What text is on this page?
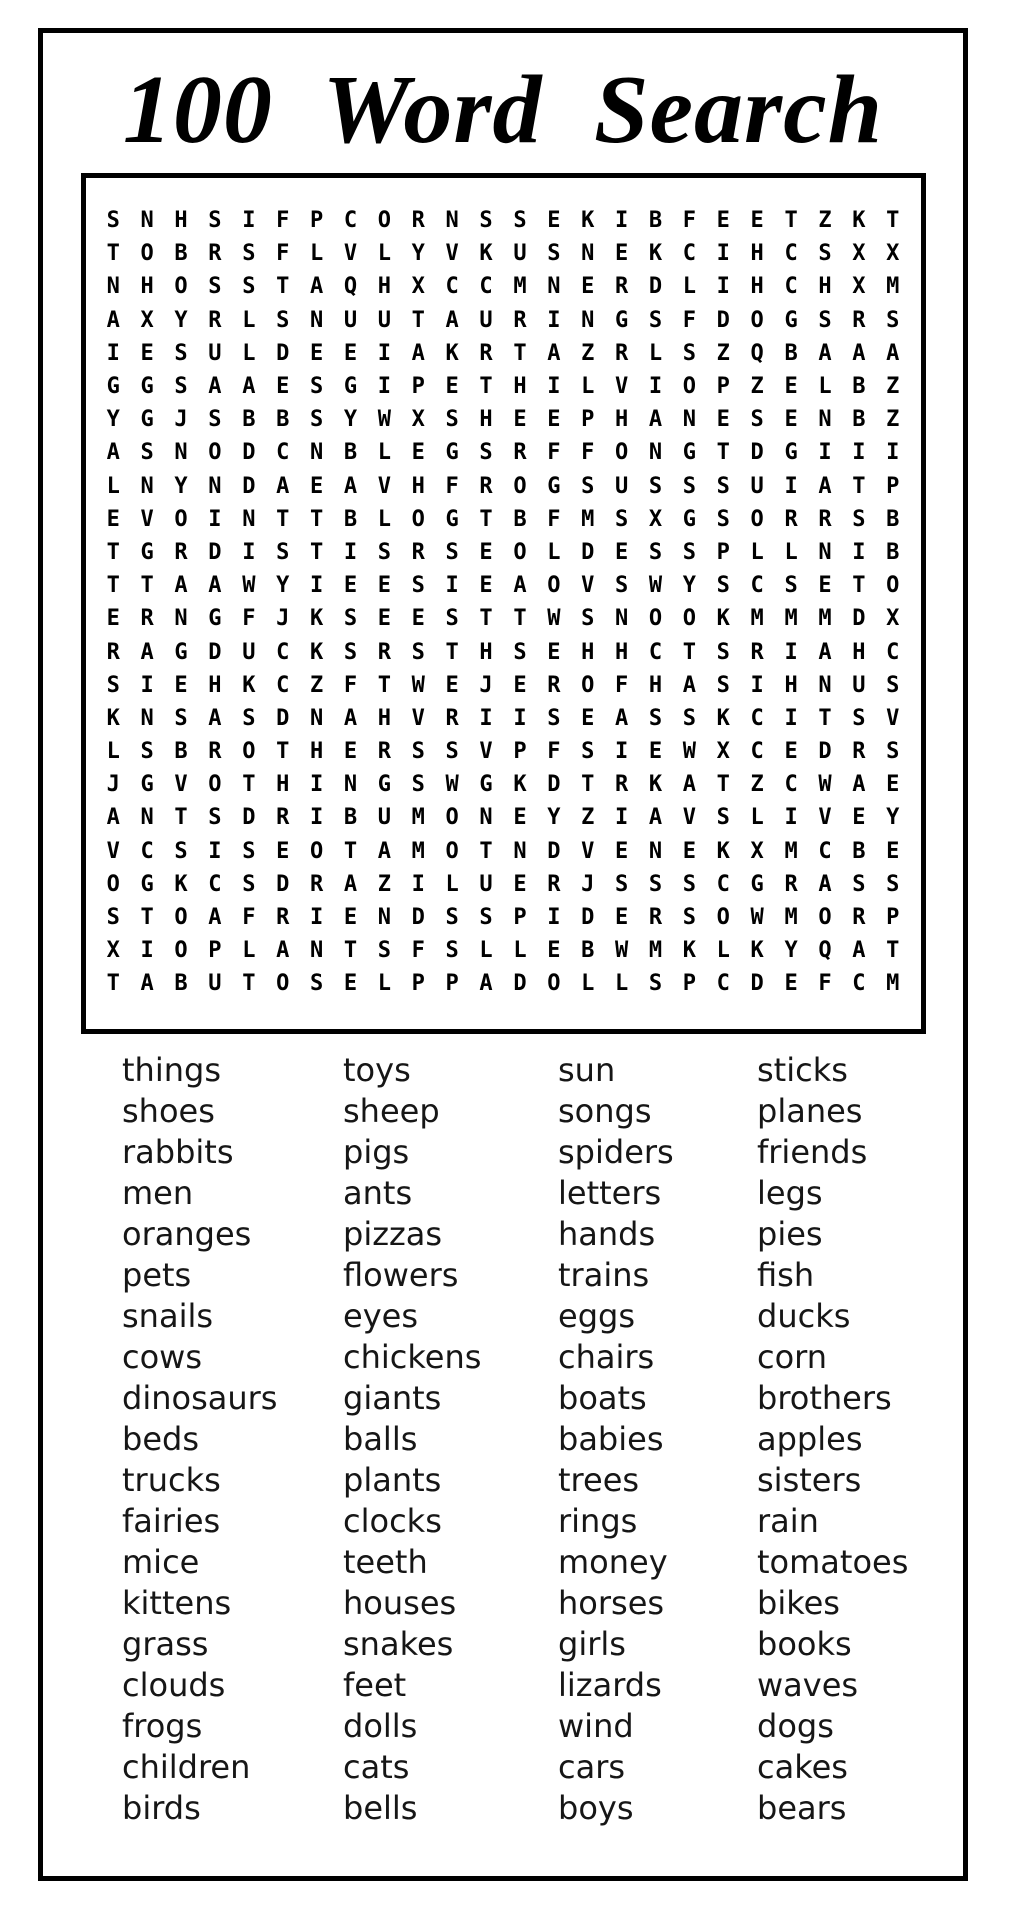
100 Word Search
S N H S I F P C O R N S S E K I B F E E T Z K T
T O B R S F L V L Y V K U S N E K C I H C S X X
N H O S S T A Q H X C C M N E R D L I H C H X M
A X Y R L S N U U T A U R I N G S F D O G S R S
I E S U L D E E I A K R T A Z R L S Z Q B A A A
G G S A A E S G I P E T H I L V I O P Z E L B Z
Y G J S B B S Y W X S H E E P H A N E S E N B Z
A S N O D C N B L E G S R F F O N G T D G I I I
L N Y N D A E A V H F R O G S U S S S U I A T P
E V O I N T T B L O G T B F M S X G S O R R S B
T G R D I S T I S R S E O L D E S S P L L N I B
T T A A W Y I E E S I E A O V S W Y S C S E T O
E R N G F J K S E E S T T W S N O O K M M M D X
R A G D U C K S R S T H S E H H C T S R I A H C
S I E H K C Z F T W E J E R O F H A S I H N U S
K N S A S D N A H V R I I S E A S S K C I T S V
L S B R O T H E R S S V P F S I E W X C E D R S
J G V O T H I N G S W G K D T R K A T Z C W A E
A N T S D R I B U M O N E Y Z I A V S L I V E Y
V C S I S E O T A M O T N D V E N E K X M C B E
O G K C S D R A Z I L U E R J S S S C G R A S S
S T O A F R I E N D S S P I D E R S O W M O R P
X I O P L A N T S F S L L E B W M K L K Y Q A T
T A B U T O S E L P P A D O L L S P C D E F C M
things
shoes
rabbits
men
oranges
pets
snails
cows
dinosaurs
beds
trucks
fairies
mice
kittens
grass
clouds
frogs
children
birds
toys
sheep
pigs
ants
pizzas
flowers
eyes
chickens
giants
balls
plants
clocks
teeth
houses
snakes
feet
dolls
cats
bells
sun
songs
spiders
letters
hands
trains
eggs
chairs
boats
babies
trees
rings
money
horses
girls
lizards
wind
cars
boys
sticks
planes
friends
legs
pies
fish
ducks
corn
brothers
apples
sisters
rain
tomatoes
bikes
books
waves
dogs
cakes
bears
